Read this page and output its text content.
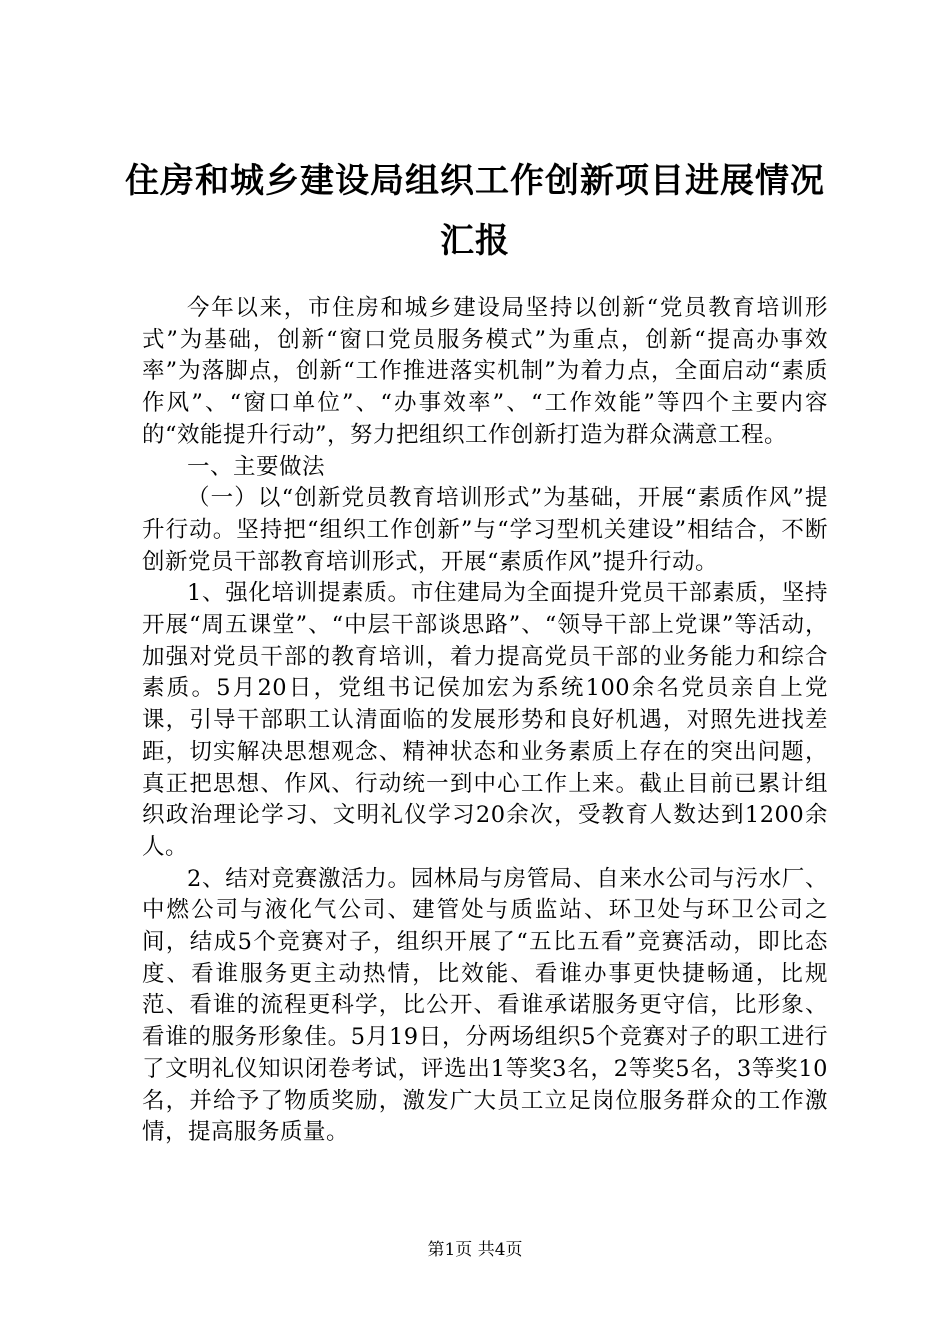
住房和城乡建设局组织工作创新项目进展情况
汇报

今年以来，市住房和城乡建设局坚持以创新“党员教育培训形式”为基础，创新“窗口党员服务模式”为重点，创新“提高办事效率”为落脚点，创新“工作推进落实机制”为着力点，全面启动“素质作风”、“窗口单位”、“办事效率”、“工作效能”等四个主要内容的“效能提升行动”，努力把组织工作创新打造为群众满意工程。

一、主要做法

（一）以“创新党员教育培训形式”为基础，开展“素质作风”提升行动。坚持把“组织工作创新”与“学习型机关建设”相结合，不断创新党员干部教育培训形式，开展“素质作风”提升行动。

1、强化培训提素质。市住建局为全面提升党员干部素质，坚持开展“周五课堂”、“中层干部谈思路”、“领导干部上党课”等活动，加强对党员干部的教育培训，着力提高党员干部的业务能力和综合素质。5月20日，党组书记侯加宏为系统100余名党员亲自上党课，引导干部职工认清面临的发展形势和良好机遇，对照先进找差距，切实解决思想观念、精神状态和业务素质上存在的突出问题，真正把思想、作风、行动统一到中心工作上来。截止目前已累计组织政治理论学习、文明礼仪学习20余次，受教育人数达到1200余人。

2、结对竞赛激活力。园林局与房管局、自来水公司与污水厂、中燃公司与液化气公司、建管处与质监站、环卫处与环卫公司之间，结成5个竞赛对子，组织开展了“五比五看”竞赛活动，即比态度、看谁服务更主动热情，比效能、看谁办事更快捷畅通，比规范、看谁的流程更科学，比公开、看谁承诺服务更守信，比形象、看谁的服务形象佳。5月19日，分两场组织5个竞赛对子的职工进行了文明礼仪知识闭卷考试，评选出1等奖3名，2等奖5名，3等奖10名，并给予了物质奖励，激发广大员工立足岗位服务群众的工作激情，提高服务质量。

第1页 共4页
